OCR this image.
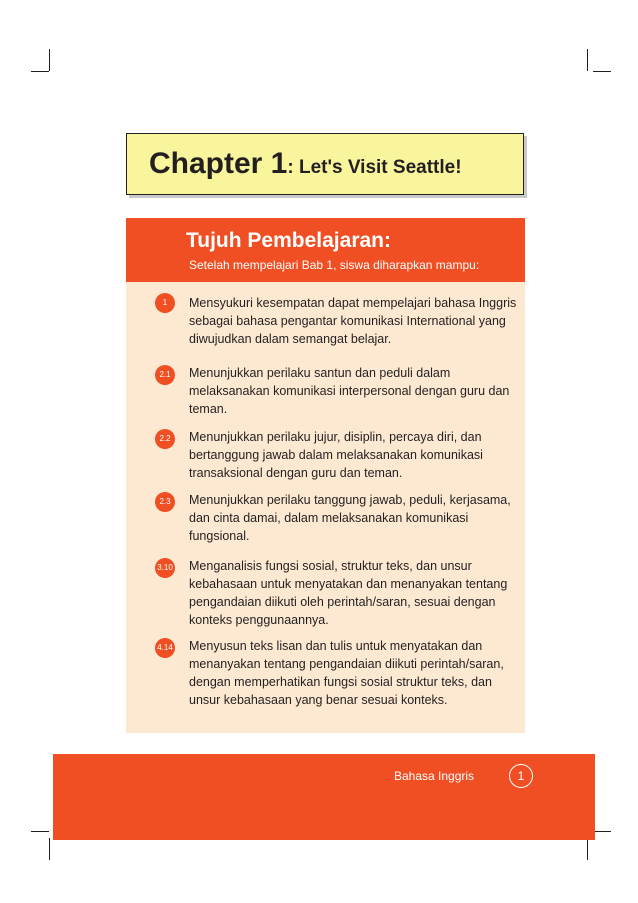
Chapter 1: Let's Visit Seattle!
Tujuh Pembelajaran:
Setelah mempelajari Bab 1, siswa diharapkan mampu:
1	Mensyukuri kesempatan dapat mempelajari bahasa Inggris sebagai bahasa pengantar komunikasi International yang diwujudkan dalam semangat belajar.
2.1	Menunjukkan perilaku santun dan peduli dalam melaksanakan komunikasi interpersonal dengan guru dan teman.
2.2	Menunjukkan perilaku jujur, disiplin, percaya diri, dan bertanggung jawab dalam melaksanakan komunikasi transaksional dengan guru dan teman.
2.3	Menunjukkan perilaku tanggung jawab, peduli, kerjasama, dan cinta damai, dalam melaksanakan komunikasi fungsional.
3.10 Menganalisis fungsi sosial, struktur teks, dan unsur kebahasaan untuk menyatakan dan menanyakan tentang pengandaian diikuti oleh perintah/saran, sesuai dengan konteks penggunaannya.
4.14 Menyusun teks lisan dan tulis untuk menyatakan dan menanyakan tentang pengandaian diikuti perintah/saran, dengan memperhatikan fungsi sosial struktur teks, dan unsur kebahasaan yang benar sesuai konteks.
Bahasa Inggris	1
